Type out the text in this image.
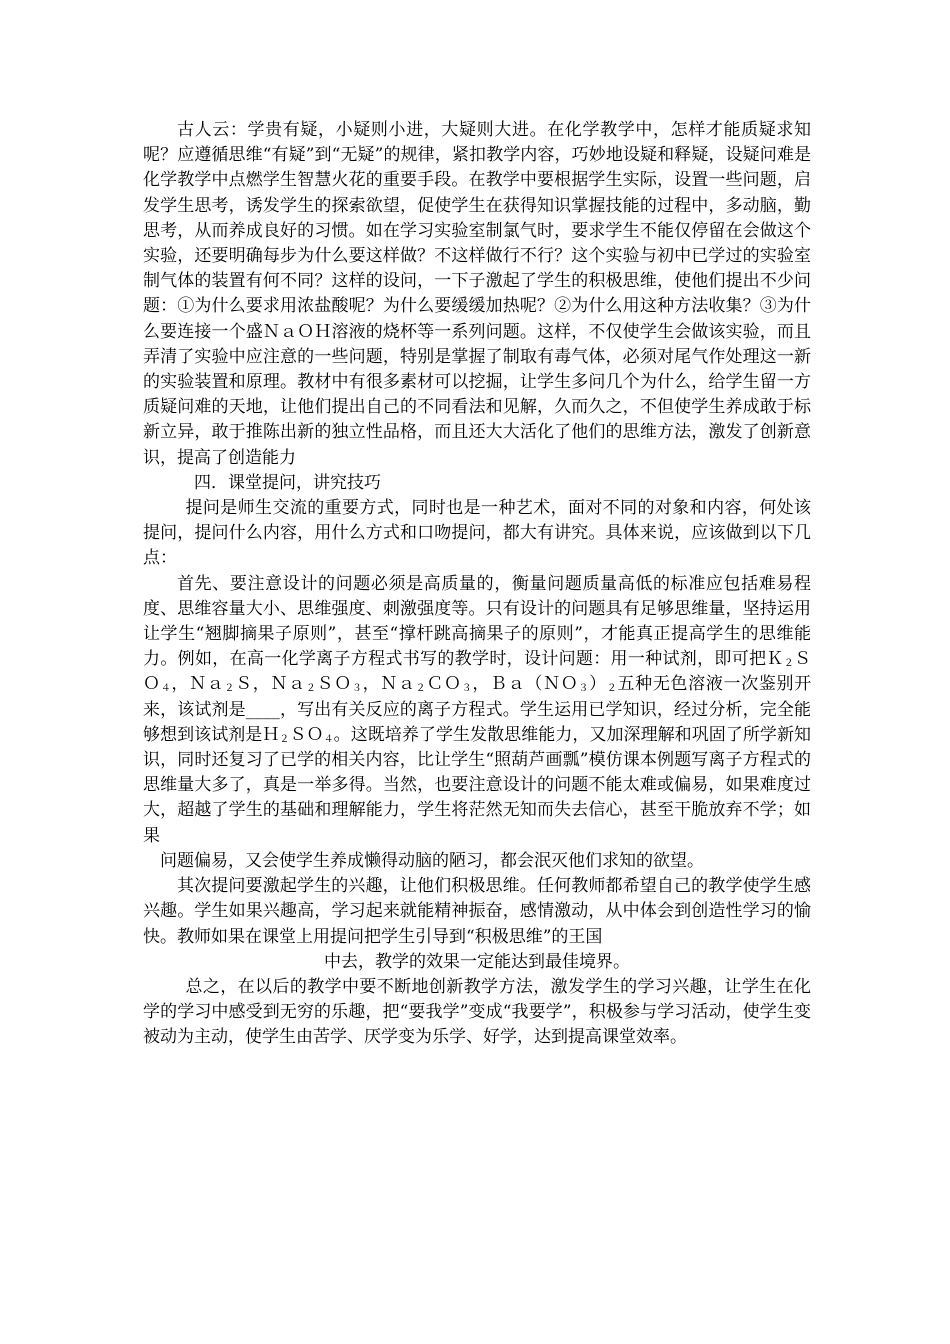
古人云：学贵有疑，小疑则小进，大疑则大进。在化学教学中，怎样才能质疑求知呢？应遵循思维“有疑”到“无疑”的规律，紧扣教学内容，巧妙地设疑和释疑，设疑问难是化学教学中点燃学生智慧火花的重要手段。在教学中要根据学生实际，设置一些问题，启发学生思考，诱发学生的探索欲望，促使学生在获得知识掌握技能的过程中，多动脑，勤思考，从而养成良好的习惯。如在学习实验室制氯气时，要求学生不能仅停留在会做这个实验，还要明确每步为什么要这样做？不这样做行不行？这个实验与初中已学过的实验室制气体的装置有何不同？这样的设问，一下子激起了学生的积极思维，使他们提出不少问题：①为什么要求用浓盐酸呢？为什么要缓缓加热呢？②为什么用这种方法收集？③为什么要连接一个盛ＮａＯＨ溶液的烧杯等一系列问题。这样，不仅使学生会做该实验，而且弄清了实验中应注意的一些问题，特别是掌握了制取有毒气体，必须对尾气作处理这一新的实验装置和原理。教材中有很多素材可以挖掘，让学生多问几个为什么，给学生留一方质疑问难的天地，让他们提出自己的不同看法和见解，久而久之，不但使学生养成敢于标新立异，敢于推陈出新的独立性品格，而且还大大活化了他们的思维方法，激发了创新意识，提高了创造能力

四．课堂提问，讲究技巧

提问是师生交流的重要方式，同时也是一种艺术，面对不同的对象和内容，何处该提问，提问什么内容，用什么方式和口吻提问，都大有讲究。具体来说，应该做到以下几点：

首先、要注意设计的问题必须是高质量的，衡量问题质量高低的标准应包括难易程度、思维容量大小、思维强度、刺激强度等。只有设计的问题具有足够思维量，坚持运用让学生“翘脚摘果子原则”，甚至“撑杆跳高摘果子的原则”，才能真正提高学生的思维能力。例如，在高一化学离子方程式书写的教学时，设计问题：用一种试剂，即可把Ｋ$_2$ＳＯ$_4$，Ｎａ$_2$Ｓ，Ｎａ$_2$ＳＯ$_3$，Ｎａ$_2$ＣＯ$_3$，$Ba(NO_3)_2$五种无色溶液一次鉴别开来，该试剂是____，写出有关反应的离子方程式。学生运用已学知识，经过分析，完全能够想到该试剂是Ｈ$_2$ＳＯ$_4$。这既培养了学生发散思维能力，又加深理解和巩固了所学新知识，同时还复习了已学的相关内容，比让学生“照葫芦画瓢”模仿课本例题写离子方程式的思维量大多了，真是一举多得。当然，也要注意设计的问题不能太难或偏易，如果难度过大，超越了学生的基础和理解能力，学生将茫然无知而失去信心，甚至干脆放弃不学；如果
问题偏易，又会使学生养成懒得动脑的陋习，都会泯灭他们求知的欲望。

其次提问要激起学生的兴趣，让他们积极思维。任何教师都希望自己的教学使学生感兴趣。学生如果兴趣高，学习起来就能精神振奋，感情激动，从中体会到创造性学习的愉快。教师如果在课堂上用提问把学生引导到“积极思维”的王国

中去，教学的效果一定能达到最佳境界。

总之，在以后的教学中要不断地创新教学方法，激发学生的学习兴趣，让学生在化学的学习中感受到无穷的乐趣，把“要我学”变成“我要学”，积极参与学习活动，使学生变被动为主动，使学生由苦学、厌学变为乐学、好学，达到提高课堂效率。
